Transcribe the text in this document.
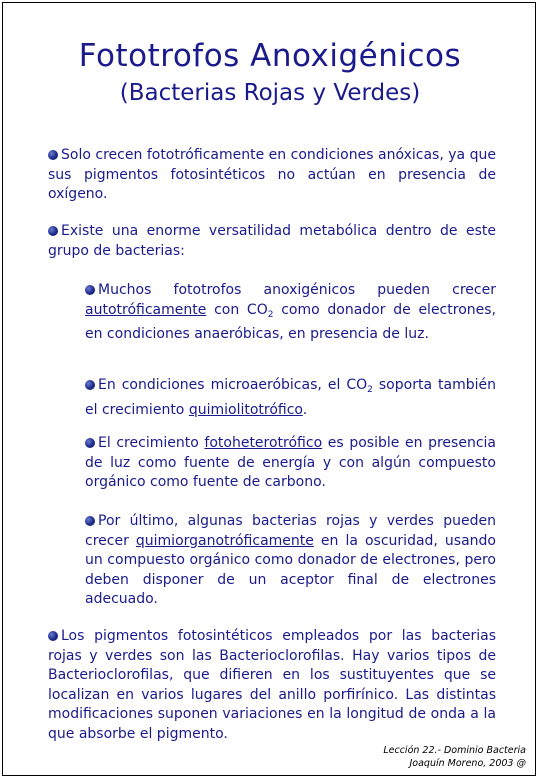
Fototrofos Anoxigénicos
(Bacterias Rojas y Verdes)

Solo crecen fototróficamente en condiciones anóxicas, ya que sus pigmentos fotosintéticos no actúan en presencia de oxígeno.

Existe una enorme versatilidad metabólica dentro de este grupo de bacterias:

Muchos fototrofos anoxigénicos pueden crecer autotróficamente con $CO_2$ como donador de electrones, en condiciones anaeróbicas, en presencia de luz.

En condiciones microaeróbicas, el $CO_2$ soporta también el crecimiento quimiolitotrófico.

El crecimiento fotoheterotrófico es posible en presencia de luz como fuente de energía y con algún compuesto orgánico como fuente de carbono.

Por último, algunas bacterias rojas y verdes pueden crecer quimiorganotróficamente en la oscuridad, usando un compuesto orgánico como donador de electrones, pero deben disponer de un aceptor final de electrones adecuado.

Los pigmentos fotosintéticos empleados por las bacterias rojas y verdes son las Bacterioclorofilas. Hay varios tipos de Bacterioclorofilas, que difieren en los sustituyentes que se localizan en varios lugares del anillo porfirínico. Las distintas modificaciones suponen variaciones en la longitud de onda a la que absorbe el pigmento.

Lección 22.- Dominio Bacteria
Joaquín Moreno, 2003 @
